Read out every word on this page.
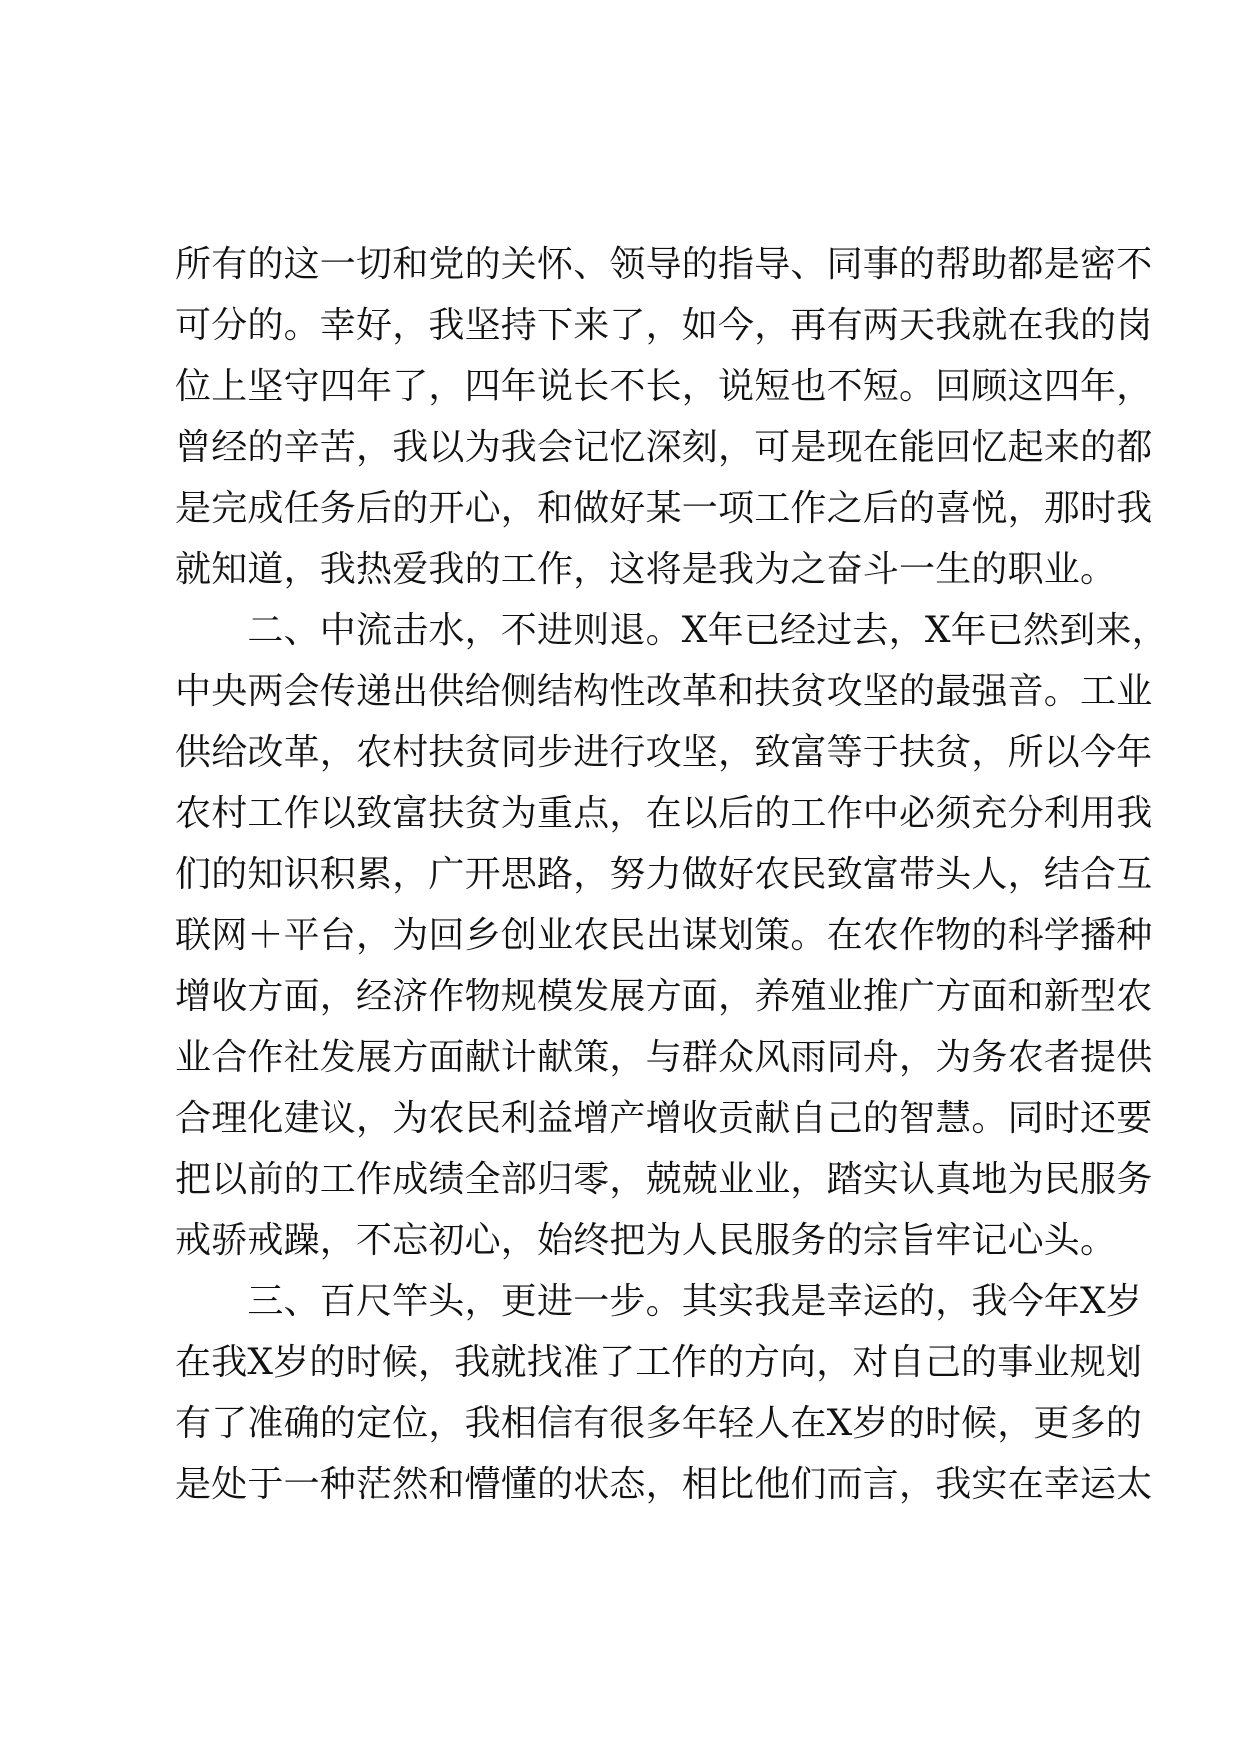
所有的这一切和党的关怀、领导的指导、同事的帮助都是密不
可分的。幸好，我坚持下来了，如今，再有两天我就在我的岗
位上坚守四年了，四年说长不长，说短也不短。回顾这四年，
曾经的辛苦，我以为我会记忆深刻，可是现在能回忆起来的都
是完成任务后的开心，和做好某一项工作之后的喜悦，那时我
就知道，我热爱我的工作，这将是我为之奋斗一生的职业。
　　二、中流击水，不进则退。X年已经过去，X年已然到来，
中央两会传递出供给侧结构性改革和扶贫攻坚的最强音。工业
供给改革，农村扶贫同步进行攻坚，致富等于扶贫，所以今年
农村工作以致富扶贫为重点，在以后的工作中必须充分利用我
们的知识积累，广开思路，努力做好农民致富带头人，结合互
联网＋平台，为回乡创业农民出谋划策。在农作物的科学播种
增收方面，经济作物规模发展方面，养殖业推广方面和新型农
业合作社发展方面献计献策，与群众风雨同舟，为务农者提供
合理化建议，为农民利益增产增收贡献自己的智慧。同时还要
把以前的工作成绩全部归零，兢兢业业，踏实认真地为民服务
戒骄戒躁，不忘初心，始终把为人民服务的宗旨牢记心头。
　　三、百尺竿头，更进一步。其实我是幸运的，我今年X岁
在我X岁的时候，我就找准了工作的方向，对自己的事业规划
有了准确的定位，我相信有很多年轻人在X岁的时候，更多的
是处于一种茫然和懵懂的状态，相比他们而言，我实在幸运太
